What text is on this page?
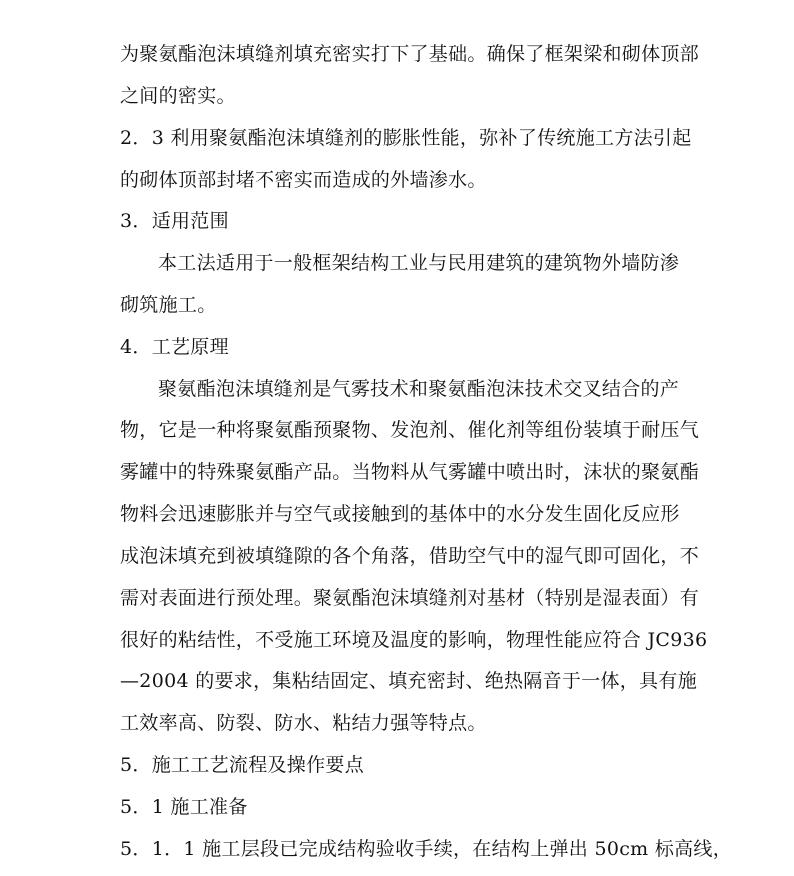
为聚氨酯泡沫填缝剂填充密实打下了基础。确保了框架梁和砌体顶部
之间的密实。
2．3 利用聚氨酯泡沫填缝剂的膨胀性能，弥补了传统施工方法引起
的砌体顶部封堵不密实而造成的外墙渗水。
3．适用范围
本工法适用于一般框架结构工业与民用建筑的建筑物外墙防渗
砌筑施工。
4．工艺原理
聚氨酯泡沫填缝剂是气雾技术和聚氨酯泡沫技术交叉结合的产
物，它是一种将聚氨酯预聚物、发泡剂、催化剂等组份装填于耐压气
雾罐中的特殊聚氨酯产品。当物料从气雾罐中喷出时，沫状的聚氨酯
物料会迅速膨胀并与空气或接触到的基体中的水分发生固化反应形
成泡沫填充到被填缝隙的各个角落，借助空气中的湿气即可固化，不
需对表面进行预处理。聚氨酯泡沫填缝剂对基材（特别是湿表面）有
很好的粘结性，不受施工环境及温度的影响，物理性能应符合 JC936
—2004 的要求，集粘结固定、填充密封、绝热隔音于一体，具有施
工效率高、防裂、防水、粘结力强等特点。
5．施工工艺流程及操作要点
5．1 施工准备
5．1．1 施工层段已完成结构验收手续，在结构上弹出 50cm 标高线，
